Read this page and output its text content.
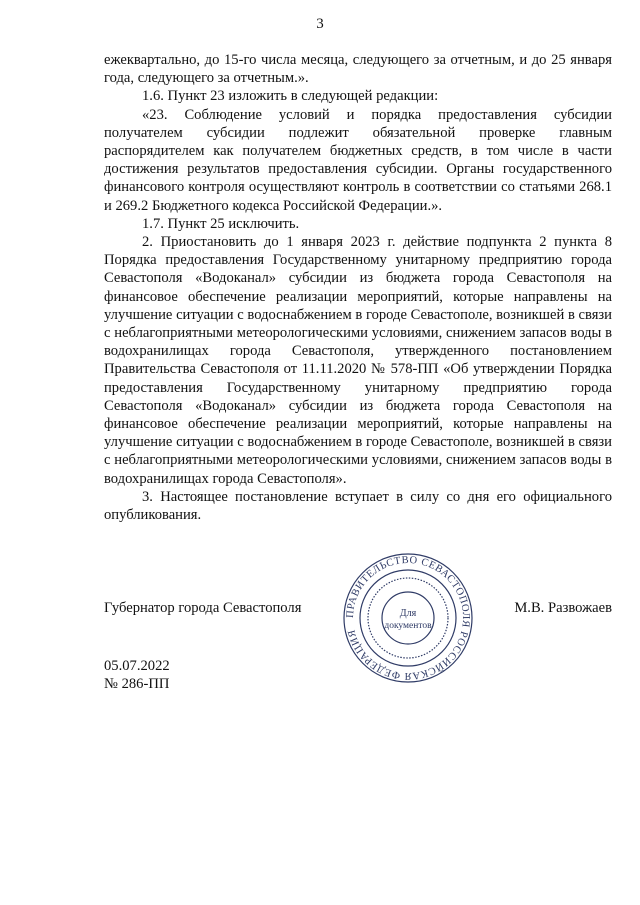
3

ежеквартально, до 15-го числа месяца, следующего за отчетным, и до 25 января года, следующего за отчетным.».

1.6. Пункт 23 изложить в следующей редакции:

«23. Соблюдение условий и порядка предоставления субсидии получателем субсидии подлежит обязательной проверке главным распорядителем как получателем бюджетных средств, в том числе в части достижения результатов предоставления субсидии. Органы государственного финансового контроля осуществляют контроль в соответствии со статьями 268.1 и 269.2 Бюджетного кодекса Российской Федерации.».

1.7. Пункт 25 исключить.

2. Приостановить до 1 января 2023 г. действие подпункта 2 пункта 8 Порядка предоставления Государственному унитарному предприятию города Севастополя «Водоканал» субсидии из бюджета города Севастополя на финансовое обеспечение реализации мероприятий, которые направлены на улучшение ситуации с водоснабжением в городе Севастополе, возникшей в связи с неблагоприятными метеорологическими условиями, снижением запасов воды в водохранилищах города Севастополя, утвержденного постановлением Правительства Севастополя от 11.11.2020 № 578-ПП «Об утверждении Порядка предоставления Государственному унитарному предприятию города Севастополя «Водоканал» субсидии из бюджета города Севастополя на финансовое обеспечение реализации мероприятий, которые направлены на улучшение ситуации с водоснабжением в городе Севастополе, возникшей в связи с неблагоприятными метеорологическими условиями, снижением запасов воды в водохранилищах города Севастополя».

3. Настоящее постановление вступает в силу со дня его официального опубликования.

Губернатор города Севастополя	М.В. Развожаев
ПРАВИТЕЛЬСТВО СЕВАСТОПОЛЯ РОССИЙСКАЯ ФЕДЕРАЦИЯ
Для
документов
05.07.2022
№ 286-ПП
